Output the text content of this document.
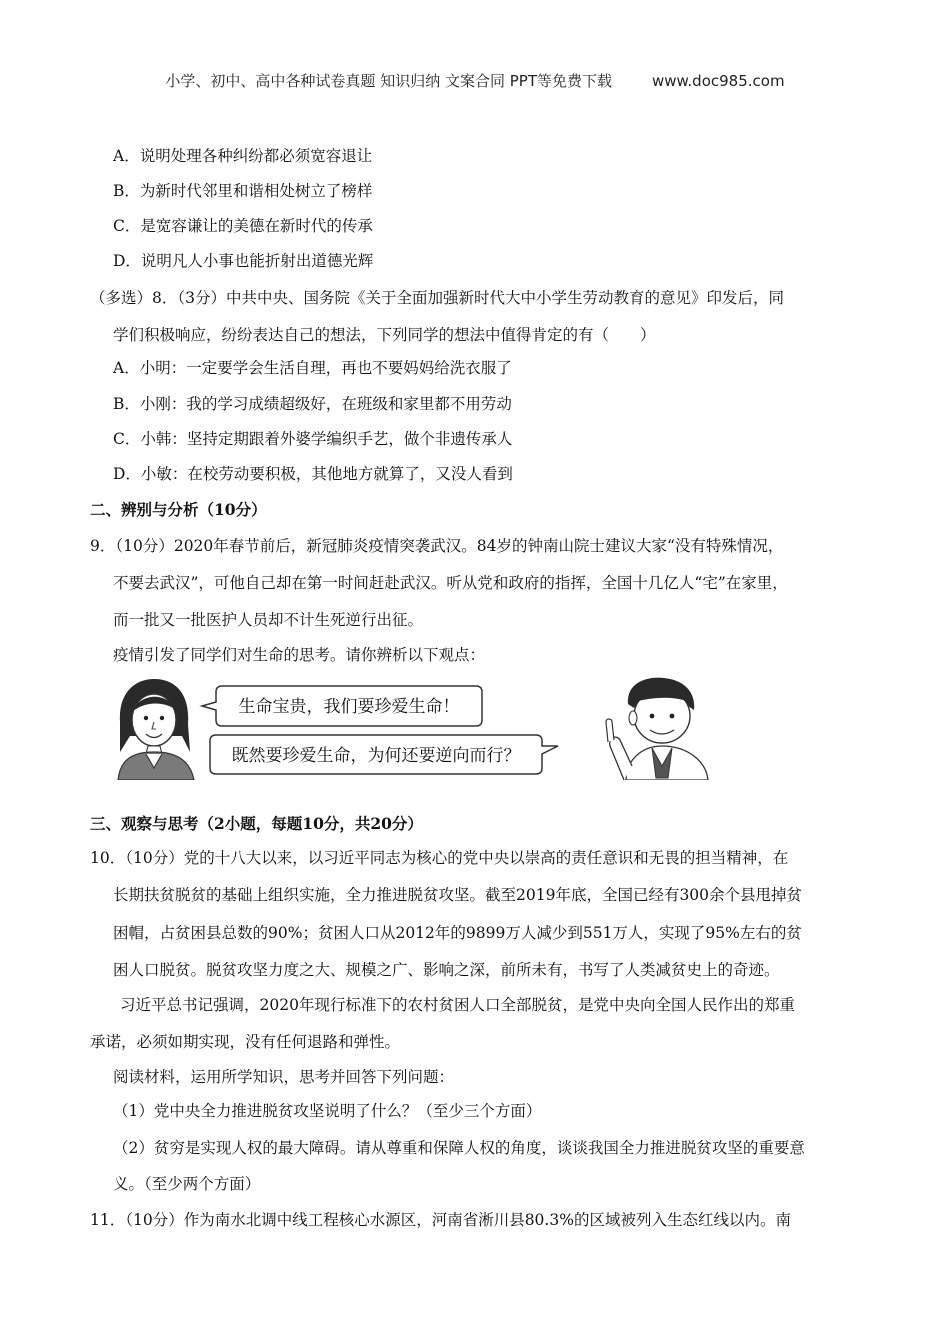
小学、初中、高中各种试卷真题 知识归纳 文案合同 PPT等免费下载	www.doc985.com
A．说明处理各种纠纷都必须宽容退让
B．为新时代邻里和谐相处树立了榜样
C．是宽容谦让的美德在新时代的传承
D．说明凡人小事也能折射出道德光辉
（多选）8．（3分）中共中央、国务院《关于全面加强新时代大中小学生劳动教育的意见》印发后，同
学们积极响应，纷纷表达自己的想法，下列同学的想法中值得肯定的有（　　）
A．小明：一定要学会生活自理，再也不要妈妈给洗衣服了
B．小刚：我的学习成绩超级好，在班级和家里都不用劳动
C．小韩：坚持定期跟着外婆学编织手艺，做个非遗传承人
D．小敏：在校劳动要积极，其他地方就算了，又没人看到
二、辨别与分析（10分）
9．（10分）2020年春节前后，新冠肺炎疫情突袭武汉。84岁的钟南山院士建议大家“没有特殊情况，
不要去武汉”，可他自己却在第一时间赶赴武汉。听从党和政府的指挥，全国十几亿人“宅”在家里，
而一批又一批医护人员却不计生死逆行出征。
疫情引发了同学们对生命的思考。请你辨析以下观点：
生命宝贵，我们要珍爱生命！
既然要珍爱生命，为何还要逆向而行？
三、观察与思考（2小题，每题10分，共20分）
10．（10分）党的十八大以来，以习近平同志为核心的党中央以崇高的责任意识和无畏的担当精神，在
长期扶贫脱贫的基础上组织实施，全力推进脱贫攻坚。截至2019年底，全国已经有300余个县甩掉贫
困帽，占贫困县总数的90%；贫困人口从2012年的9899万人减少到551万人，实现了95%左右的贫
困人口脱贫。脱贫攻坚力度之大、规模之广、影响之深，前所未有，书写了人类减贫史上的奇迹。
习近平总书记强调，2020年现行标准下的农村贫困人口全部脱贫，是党中央向全国人民作出的郑重
承诺，必须如期实现，没有任何退路和弹性。
阅读材料，运用所学知识，思考并回答下列问题：
（1）党中央全力推进脱贫攻坚说明了什么？（至少三个方面）
（2）贫穷是实现人权的最大障碍。请从尊重和保障人权的角度，谈谈我国全力推进脱贫攻坚的重要意
义。（至少两个方面）
11．（10分）作为南水北调中线工程核心水源区，河南省淅川县80.3%的区域被列入生态红线以内。南
